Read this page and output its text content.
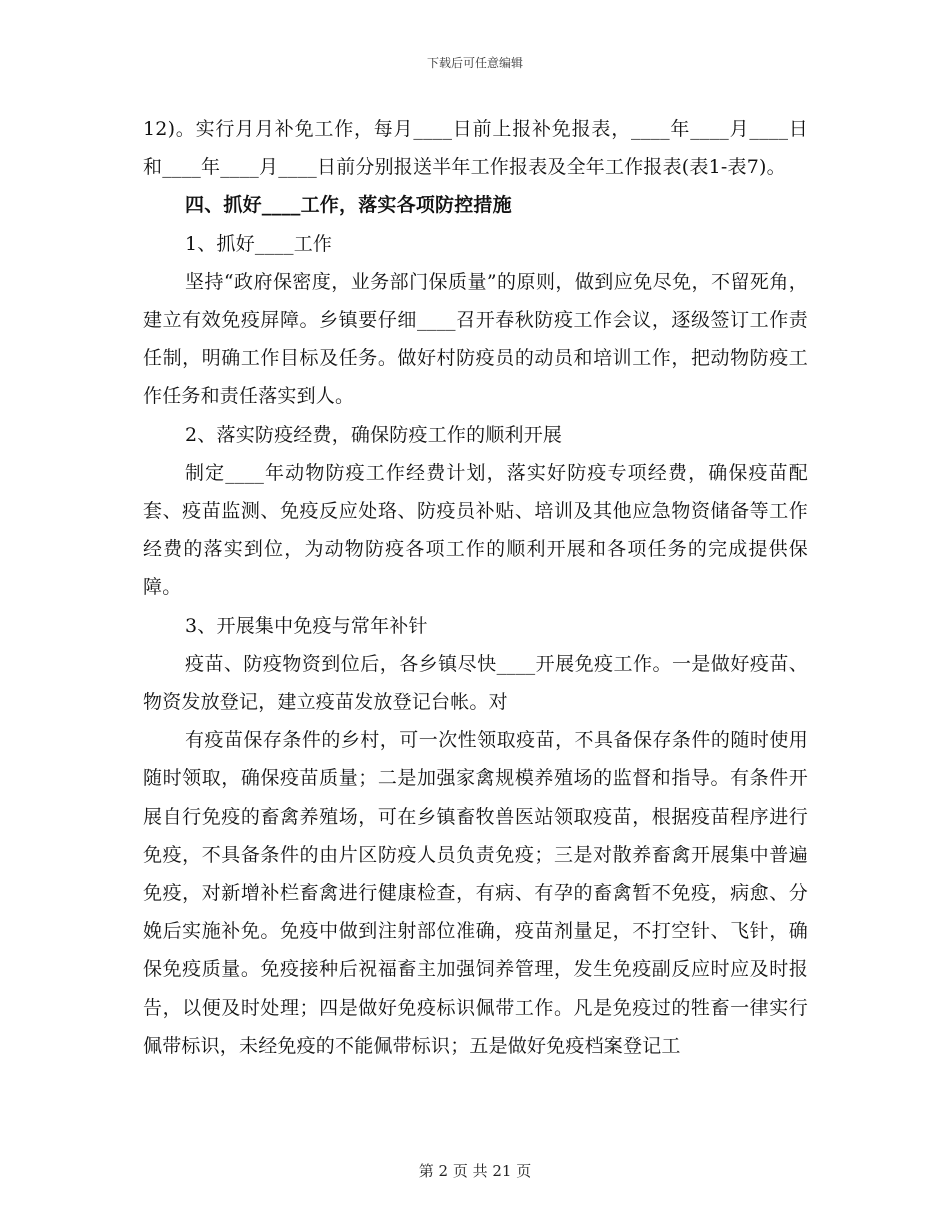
下载后可任意编辑

12)。实行月月补免工作，每月____日前上报补免报表，____年____月____日和____年____月____日前分别报送半年工作报表及全年工作报表(表1-表7)。

四、抓好____工作，落实各项防控措施

1、抓好____工作

坚持“政府保密度，业务部门保质量”的原则，做到应免尽免，不留死角，建立有效免疫屏障。乡镇要仔细____召开春秋防疫工作会议，逐级签订工作责任制，明确工作目标及任务。做好村防疫员的动员和培训工作，把动物防疫工作任务和责任落实到人。

2、落实防疫经费，确保防疫工作的顺利开展

制定____年动物防疫工作经费计划，落实好防疫专项经费，确保疫苗配套、疫苗监测、免疫反应处珞、防疫员补贴、培训及其他应急物资储备等工作经费的落实到位，为动物防疫各项工作的顺利开展和各项任务的完成提供保障。

3、开展集中免疫与常年补针

疫苗、防疫物资到位后，各乡镇尽快____开展免疫工作。一是做好疫苗、物资发放登记，建立疫苗发放登记台帐。对

有疫苗保存条件的乡村，可一次性领取疫苗，不具备保存条件的随时使用随时领取，确保疫苗质量；二是加强家禽规模养殖场的监督和指导。有条件开展自行免疫的畜禽养殖场，可在乡镇畜牧兽医站领取疫苗，根据疫苗程序进行免疫，不具备条件的由片区防疫人员负责免疫；三是对散养畜禽开展集中普遍免疫，对新增补栏畜禽进行健康检查，有病、有孕的畜禽暂不免疫，病愈、分娩后实施补免。免疫中做到注射部位准确，疫苗剂量足，不打空针、飞针，确保免疫质量。免疫接种后祝福畜主加强饲养管理，发生免疫副反应时应及时报告，以便及时处理；四是做好免疫标识佩带工作。凡是免疫过的牲畜一律实行佩带标识，未经免疫的不能佩带标识；五是做好免疫档案登记工

第 2 页 共 21 页
